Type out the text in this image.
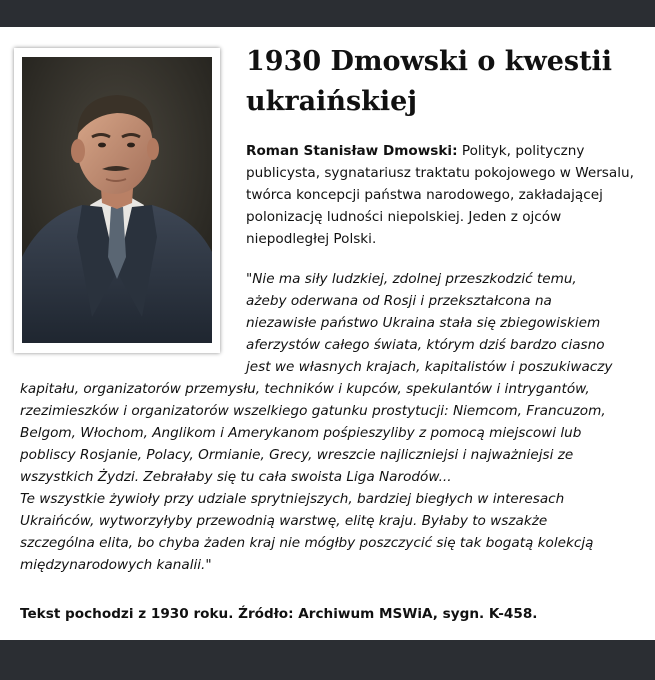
1930 Dmowski o kwestii
ukraińskiej

Roman Stanisław Dmowski: Polityk, polityczny publicysta, sygnatariusz traktatu pokojowego w Wersalu, twórca koncepcji państwa narodowego, zakładającej polonizację ludności niepolskiej. Jeden z ojców niepodległej Polski.

"Nie ma siły ludzkiej, zdolnej przeszkodzić temu,
ażeby oderwana od Rosji i przekształcona na
niezawisłe państwo Ukraina stała się zbiegowiskiem
aferzystów całego świata, którym dziś bardzo ciasno
jest we własnych krajach, kapitalistów i poszukiwaczy
kapitału, organizatorów przemysłu, techników i kupców, spekulantów i intrygantów,
rzezimieszków i organizatorów wszelkiego gatunku prostytucji: Niemcom, Francuzom,
Belgom, Włochom, Anglikom i Amerykanom pośpieszyliby z pomocą miejscowi lub
pobliscy Rosjanie, Polacy, Ormianie, Grecy, wreszcie najliczniejsi i najważniejsi ze
wszystkich Żydzi. Zebrałaby się tu cała swoista Liga Narodów...
Te wszystkie żywioły przy udziale sprytniejszych, bardziej biegłych w interesach
Ukraińców, wytworzyłyby przewodnią warstwę, elitę kraju. Byłaby to wszakże
szczególna elita, bo chyba żaden kraj nie mógłby poszczycić się tak bogatą kolekcją
międzynarodowych kanalii."

Tekst pochodzi z 1930 roku. Źródło: Archiwum MSWiA, sygn. K-458.
